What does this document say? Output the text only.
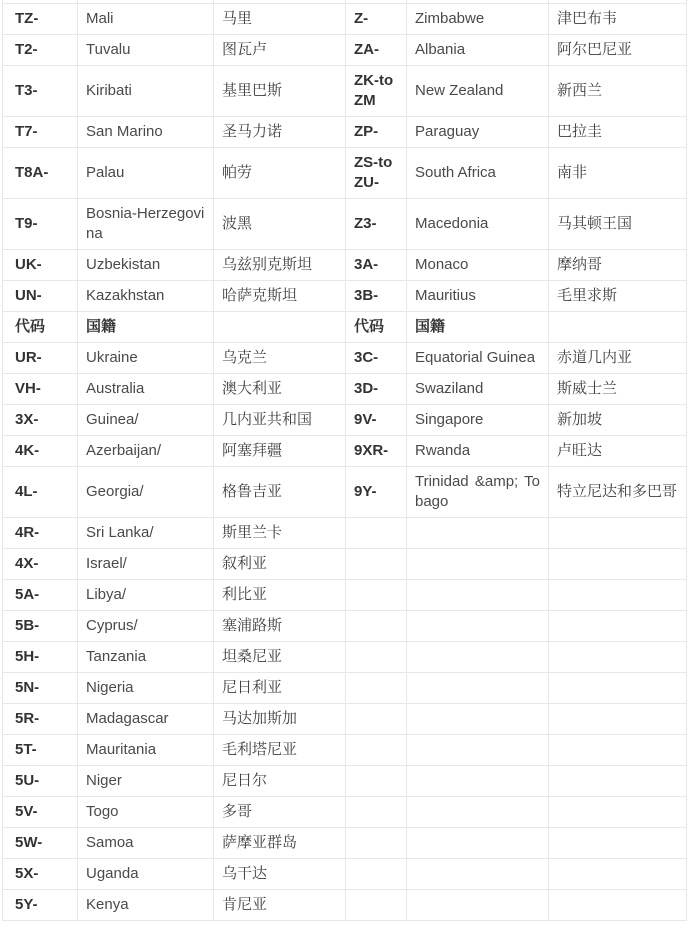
TZ-	Mali	马里	Z-	Zimbabwe	津巴布韦
T2-	Tuvalu	图瓦卢	ZA-	Albania	阿尔巴尼亚
T3-	Kiribati	基里巴斯	ZK-to ZM	New Zealand	新西兰
T7-	San Marino	圣马力诺	ZP-	Paraguay	巴拉圭
T8A-	Palau	帕劳	ZS-to ZU-	South Africa	南非
T9-	Bosnia-Herzegovina	波黑	Z3-	Macedonia	马其顿王国
UK-	Uzbekistan	乌兹别克斯坦	3A-	Monaco	摩纳哥
UN-	Kazakhstan	哈萨克斯坦	3B-	Mauritius	毛里求斯
代码	国籍		代码	国籍	
UR-	Ukraine	乌克兰	3C-	Equatorial Guinea	赤道几内亚
VH-	Australia	澳大利亚	3D-	Swaziland	斯威士兰
3X-	Guinea/	几内亚共和国	9V-	Singapore	新加坡
4K-	Azerbaijan/	阿塞拜疆	9XR-	Rwanda	卢旺达
4L-	Georgia/	格鲁吉亚	9Y-	Trinidad &amp; Tobago	特立尼达和多巴哥
4R-	Sri Lanka/	斯里兰卡			
4X-	Israel/	叙利亚			
5A-	Libya/	利比亚			
5B-	Cyprus/	塞浦路斯			
5H-	Tanzania	坦桑尼亚			
5N-	Nigeria	尼日利亚			
5R-	Madagascar	马达加斯加			
5T-	Mauritania	毛利塔尼亚			
5U-	Niger	尼日尔			
5V-	Togo	多哥			
5W-	Samoa	萨摩亚群岛			
5X-	Uganda	乌干达			
5Y-	Kenya	肯尼亚			
